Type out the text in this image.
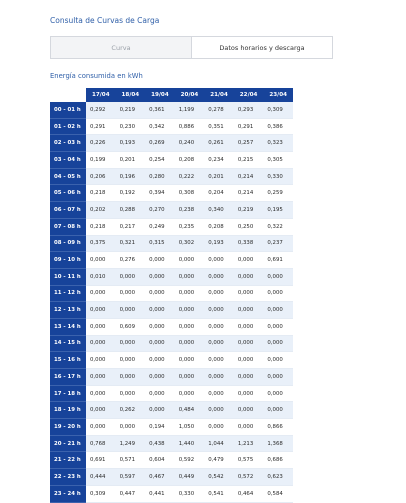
Consulta de Curvas de Carga
Curva	Datos horarios y descarga
Energía consumida en kWh
	17/04	18/04	19/04	20/04	21/04	22/04	23/04
00 - 01 h	0,292	0,219	0,361	1,199	0,278	0,293	0,309
01 - 02 h	0,291	0,230	0,342	0,886	0,351	0,291	0,386
02 - 03 h	0,226	0,193	0,269	0,240	0,261	0,257	0,323
03 - 04 h	0,199	0,201	0,254	0,208	0,234	0,215	0,305
04 - 05 h	0,206	0,196	0,280	0,222	0,201	0,214	0,330
05 - 06 h	0,218	0,192	0,394	0,308	0,204	0,214	0,259
06 - 07 h	0,202	0,288	0,270	0,238	0,340	0,219	0,195
07 - 08 h	0,218	0,217	0,249	0,235	0,208	0,250	0,322
08 - 09 h	0,375	0,321	0,315	0,302	0,193	0,338	0,237
09 - 10 h	0,000	0,276	0,000	0,000	0,000	0,000	0,691
10 - 11 h	0,010	0,000	0,000	0,000	0,000	0,000	0,000
11 - 12 h	0,000	0,000	0,000	0,000	0,000	0,000	0,000
12 - 13 h	0,000	0,000	0,000	0,000	0,000	0,000	0,000
13 - 14 h	0,000	0,609	0,000	0,000	0,000	0,000	0,000
14 - 15 h	0,000	0,000	0,000	0,000	0,000	0,000	0,000
15 - 16 h	0,000	0,000	0,000	0,000	0,000	0,000	0,000
16 - 17 h	0,000	0,000	0,000	0,000	0,000	0,000	0,000
17 - 18 h	0,000	0,000	0,000	0,000	0,000	0,000	0,000
18 - 19 h	0,000	0,262	0,000	0,484	0,000	0,000	0,000
19 - 20 h	0,000	0,000	0,194	1,050	0,000	0,000	0,866
20 - 21 h	0,768	1,249	0,438	1,440	1,044	1,213	1,368
21 - 22 h	0,691	0,571	0,604	0,592	0,479	0,575	0,686
22 - 23 h	0,444	0,597	0,467	0,449	0,542	0,572	0,623
23 - 24 h	0,309	0,447	0,441	0,330	0,541	0,464	0,584
